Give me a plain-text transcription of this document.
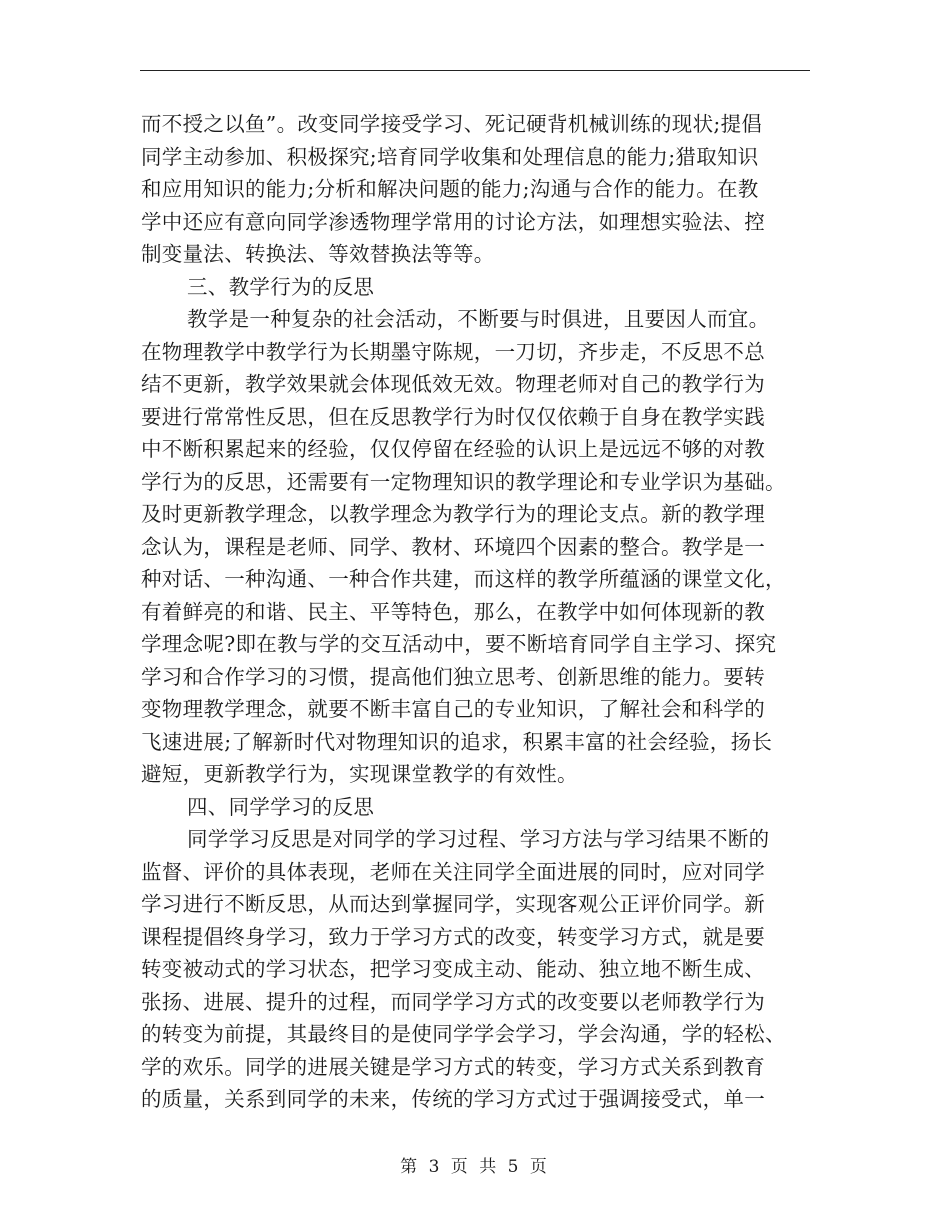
而不授之以鱼”。改变同学接受学习、死记硬背机械训练的现状;提倡
同学主动参加、积极探究;培育同学收集和处理信息的能力;猎取知识
和应用知识的能力;分析和解决问题的能力;沟通与合作的能力。在教
学中还应有意向同学渗透物理学常用的讨论方法，如理想实验法、控
制变量法、转换法、等效替换法等等。
三、教学行为的反思
教学是一种复杂的社会活动，不断要与时俱进，且要因人而宜。
在物理教学中教学行为长期墨守陈规，一刀切，齐步走，不反思不总
结不更新，教学效果就会体现低效无效。物理老师对自己的教学行为
要进行常常性反思，但在反思教学行为时仅仅依赖于自身在教学实践
中不断积累起来的经验，仅仅停留在经验的认识上是远远不够的对教
学行为的反思，还需要有一定物理知识的教学理论和专业学识为基础。
及时更新教学理念，以教学理念为教学行为的理论支点。新的教学理
念认为，课程是老师、同学、教材、环境四个因素的整合。教学是一
种对话、一种沟通、一种合作共建，而这样的教学所蕴涵的课堂文化，
有着鲜亮的和谐、民主、平等特色，那么，在教学中如何体现新的教
学理念呢?即在教与学的交互活动中，要不断培育同学自主学习、探究
学习和合作学习的习惯，提高他们独立思考、创新思维的能力。要转
变物理教学理念，就要不断丰富自己的专业知识，了解社会和科学的
飞速进展;了解新时代对物理知识的追求，积累丰富的社会经验，扬长
避短，更新教学行为，实现课堂教学的有效性。
四、同学学习的反思
同学学习反思是对同学的学习过程、学习方法与学习结果不断的
监督、评价的具体表现，老师在关注同学全面进展的同时，应对同学
学习进行不断反思，从而达到掌握同学，实现客观公正评价同学。新
课程提倡终身学习，致力于学习方式的改变，转变学习方式，就是要
转变被动式的学习状态，把学习变成主动、能动、独立地不断生成、
张扬、进展、提升的过程，而同学学习方式的改变要以老师教学行为
的转变为前提，其最终目的是使同学学会学习，学会沟通，学的轻松、
学的欢乐。同学的进展关键是学习方式的转变，学习方式关系到教育
的质量，关系到同学的未来，传统的学习方式过于强调接受式，单一
第 3 页 共 5 页
